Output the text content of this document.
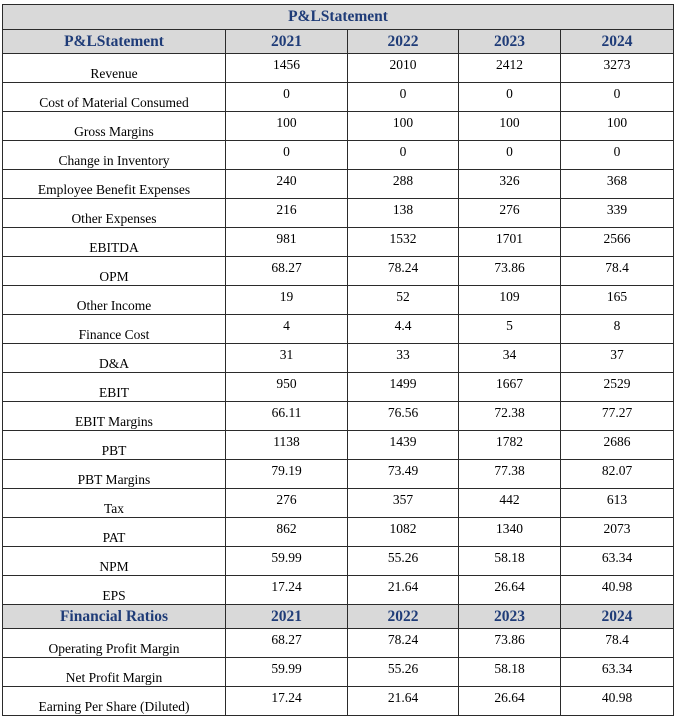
P&LStatement				
P&LStatement	2021	2022	2023	2024
Revenue	1456	2010	2412	3273
Cost of Material Consumed	0	0	0	0
Gross Margins	100	100	100	100
Change in Inventory	0	0	0	0
Employee Benefit Expenses	240	288	326	368
Other Expenses	216	138	276	339
EBITDA	981	1532	1701	2566
OPM	68.27	78.24	73.86	78.4
Other Income	19	52	109	165
Finance Cost	4	4.4	5	8
D&A	31	33	34	37
EBIT	950	1499	1667	2529
EBIT Margins	66.11	76.56	72.38	77.27
PBT	1138	1439	1782	2686
PBT Margins	79.19	73.49	77.38	82.07
Tax	276	357	442	613
PAT	862	1082	1340	2073
NPM	59.99	55.26	58.18	63.34
EPS	17.24	21.64	26.64	40.98
Financial Ratios	2021	2022	2023	2024
Operating Profit Margin	68.27	78.24	73.86	78.4
Net Profit Margin	59.99	55.26	58.18	63.34
Earning Per Share (Diluted)	17.24	21.64	26.64	40.98
